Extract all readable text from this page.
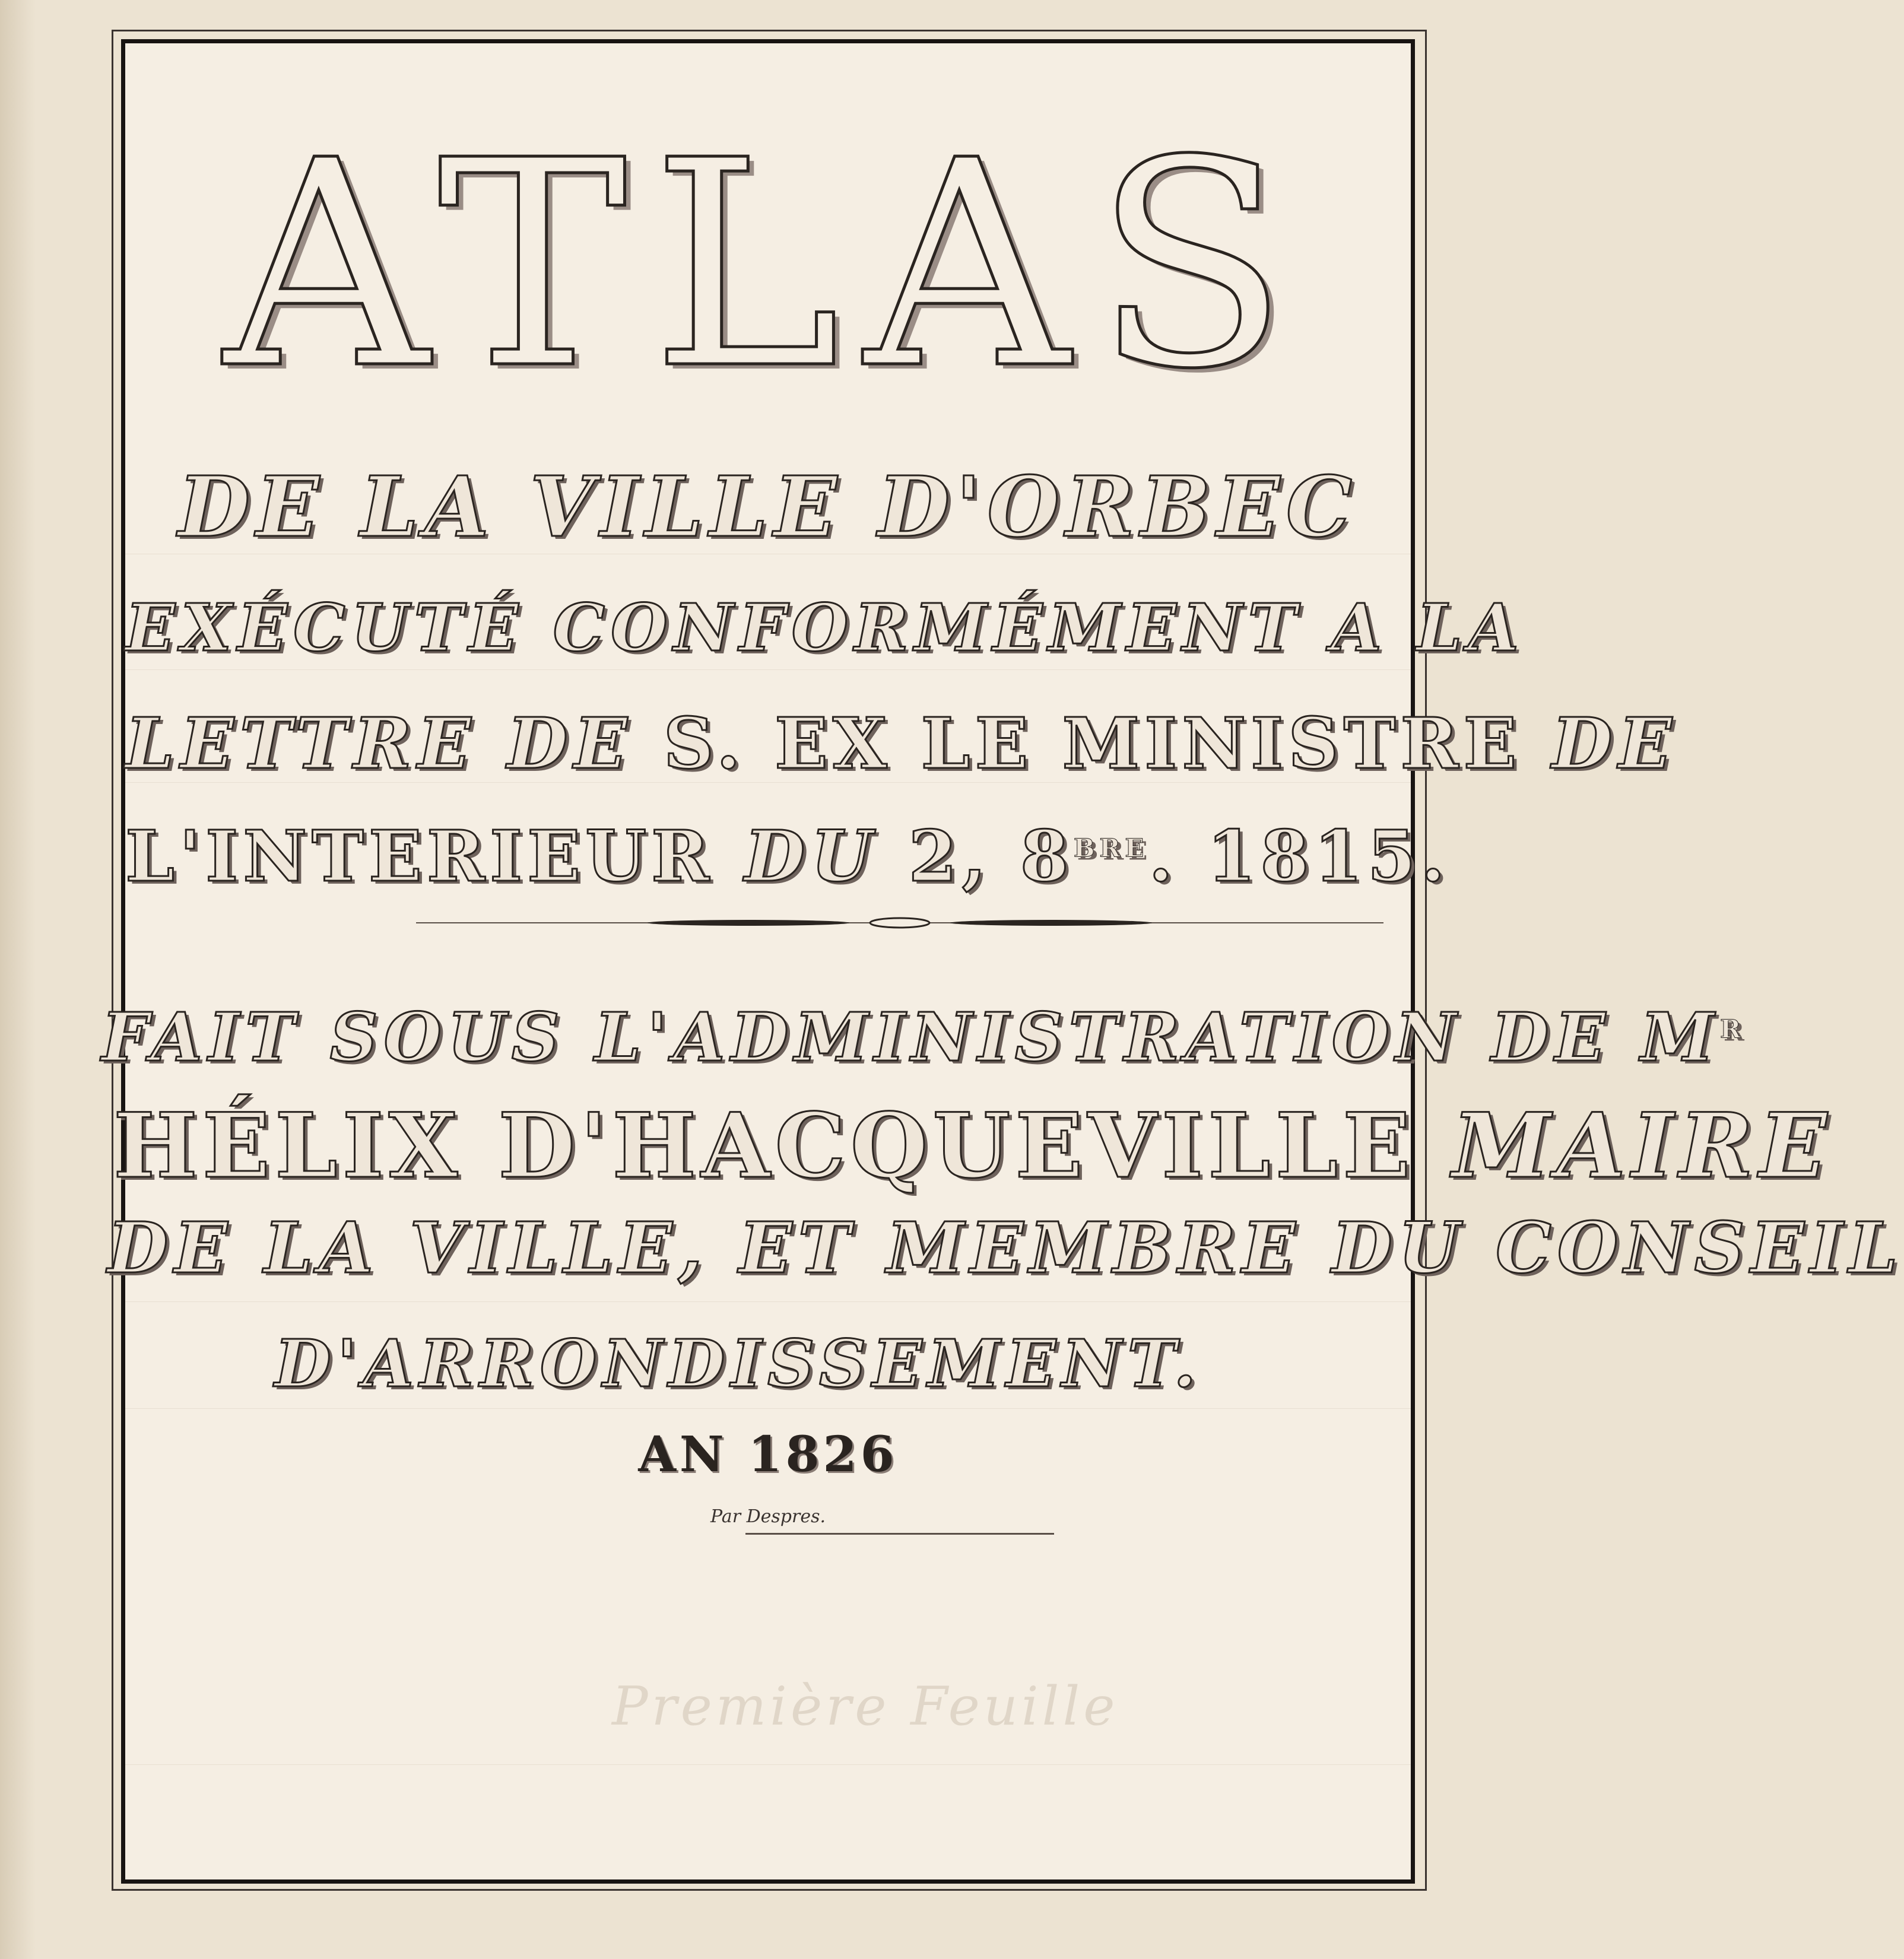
ATLAS
DE LA VILLE D'ORBEC
EXÉCUTÉ CONFORMÉMENT A LA
LETTRE DE S. EX LE MINISTRE DE
L'INTERIEUR DU 2, $8^{BRE}$. 1815.
FAIT SOUS L'ADMINISTRATION DE $M^R$
HÉLIX D'HACQUEVILLE MAIRE
DE LA VILLE, ET MEMBRE DU CONSEIL
D'ARRONDISSEMENT.
AN 1826
Par Despres.
Première Feuille
